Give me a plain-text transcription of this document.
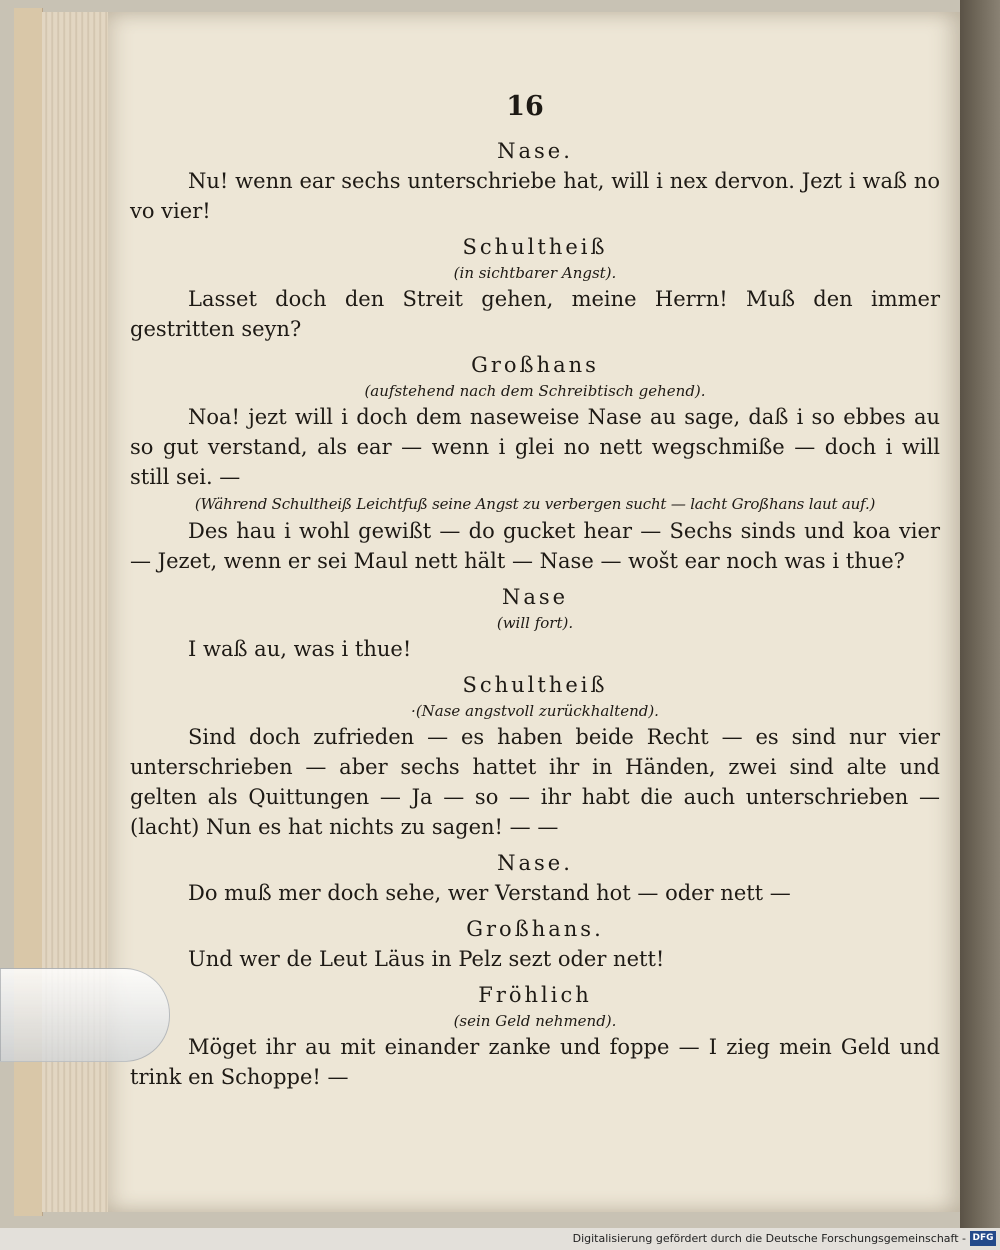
16
Nase.
Nu! wenn ear sechs unterschriebe hat, will i nex dervon. Jezt i waß no vo vier!
Schultheiß
(in sichtbarer Angst).
Lasset doch den Streit gehen, meine Herrn! Muß den immer gestritten seyn?
Großhans
(aufstehend nach dem Schreibtisch gehend).
Noa! jezt will i doch dem naseweise Nase au sage, daß i so ebbes au so gut verstand, als ear — wenn i glei no nett wegschmiße — doch i will still sei. —
(Während Schultheiß Leichtfuß seine Angst zu verbergen sucht — lacht Großhans laut auf.)
Des hau i wohl gewißt — do gucket hear — Sechs sinds und koa vier — Jezet, wenn er sei Maul nett hält — Nase — wošt ear noch was i thue?
Nase
(will fort).
I waß au, was i thue!
Schultheiß
·(Nase angstvoll zurückhaltend).
Sind doch zufrieden — es haben beide Recht — es sind nur vier unterschrieben — aber sechs hattet ihr in Händen, zwei sind alte und gelten als Quittungen — Ja — so — ihr habt die auch unterschrieben — (lacht) Nun es hat nichts zu sagen! — —
Nase.
Do muß mer doch sehe, wer Verstand hot — oder nett —
Großhans.
Und wer de Leut Läus in Pelz sezt oder nett!
Fröhlich
(sein Geld nehmend).
Möget ihr au mit einander zanke und foppe — I zieg mein Geld und trink en Schoppe! —
Digitalisierung gefördert durch die Deutsche Forschungsgemeinschaft - DFG
